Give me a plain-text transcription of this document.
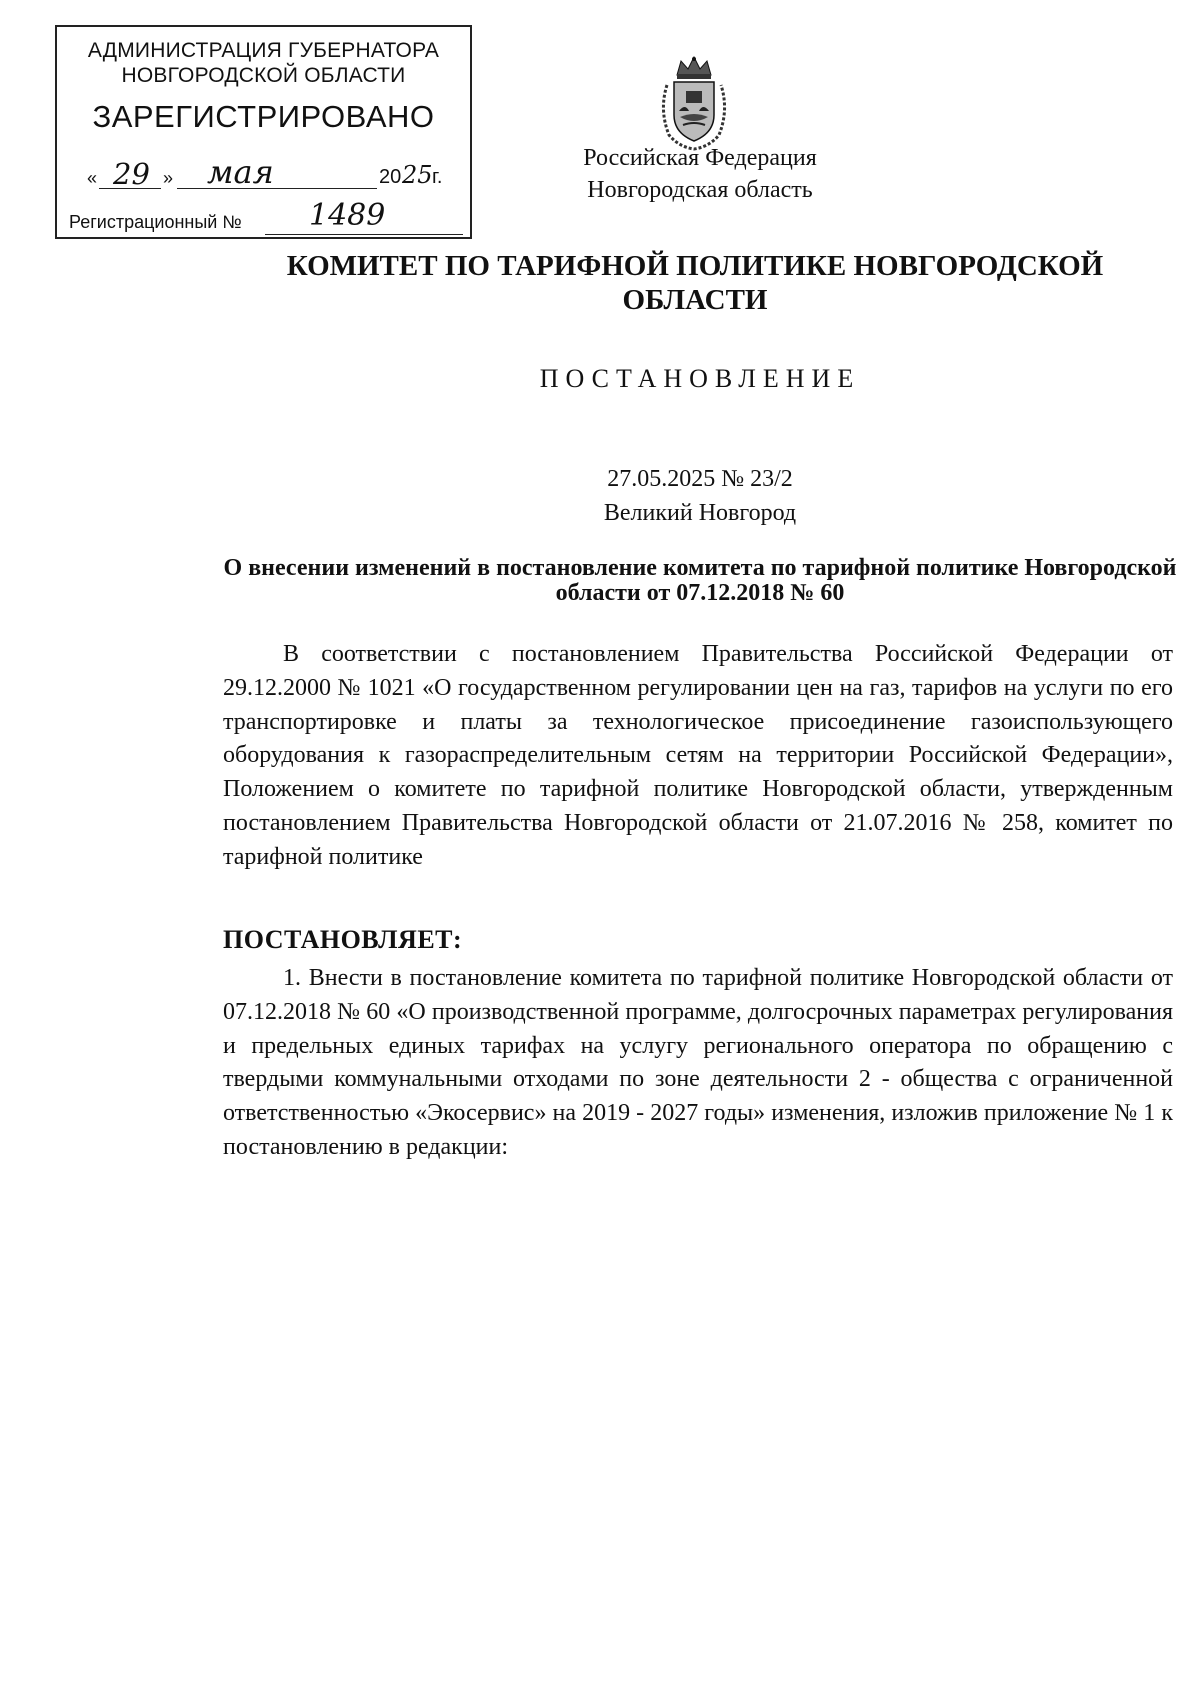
АДМИНИСТРАЦИЯ ГУБЕРНАТОРА
НОВГОРОДСКОЙ ОБЛАСТИ
ЗАРЕГИСТРИРОВАНО
« 29 » мая	20 25 г.
Регистрационный № 1489
Российская Федерация
Новгородская область
КОМИТЕТ ПО ТАРИФНОЙ ПОЛИТИКЕ НОВГОРОДСКОЙ ОБЛАСТИ
ПОСТАНОВЛЕНИЕ
27.05.2025 № 23/2
Великий Новгород
О внесении изменений в постановление комитета по тарифной политике Новгородской области от 07.12.2018 № 60
В соответствии с постановлением Правительства Российской Федерации от 29.12.2000 № 1021 «О государственном регулировании цен на газ, тарифов на услуги по его транспортировке и платы за технологическое присоединение газоиспользующего оборудования к газораспределительным сетям на территории Российской Федерации», Положением о комитете по тарифной политике Новгородской области, утвержденным постановлением Правительства Новгородской области от 21.07.2016 № 258, комитет по тарифной политике
ПОСТАНОВЛЯЕТ:
1. Внести в постановление комитета по тарифной политике Новгородской области от 07.12.2018 № 60 «О производственной программе, долгосрочных параметрах регулирования и предельных единых тарифах на услугу регионального оператора по обращению с твердыми коммунальными отходами по зоне деятельности 2 - общества с ограниченной ответственностью «Экосервис» на 2019 - 2027 годы» изменения, изложив приложение № 1 к постановлению в редакции:
